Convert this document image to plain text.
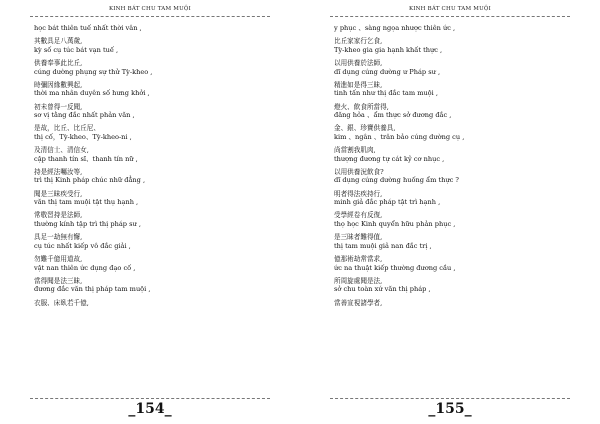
KINH BÁT CHU TAM MUỘI
học bát thiên tuế nhất thời vân ,
其數具足八萬歲,
kỳ số cụ túc bát vạn tuế ,
供養奉事此比丘,
cúng dường phụng sự thử Tỳ-kheo ,
時彌因緣數興起,
thời ma nhân duyên số hưng khởi ,
初未曾得一反聞,
sơ vị tằng đắc nhất phản văn ,
是故，比丘、比丘尼、
thị cố，Tỳ-kheo、Tỳ-kheo-ni ,
及清信士、清信女,
cập thanh tín sĩ、thanh tín nữ ,
持是經法囑汝等,
trì thị Kinh pháp chúc nhữ đẳng ,
聞是三昧疾受行,
văn thị tam muội tật thụ hạnh ,
常敬習持是法師,
thường kính tập trì thị pháp sư ,
具足一劫無有懈,
cụ túc nhất kiếp vô đắc giải ,
勿難千億用道故,
vật nan thiên ức dụng đạo cố ,
當得聞是法三昧,
đương đắc văn thị pháp tam muội ,
衣服、床臥若千億,
_154_
KINH BÁT CHU TAM MUỘI
y phục 、sàng ngọa nhược thiên ức ,
比丘家家行乞食,
Tỳ-kheo gia gia hạnh khất thực ,
以用供養於法師,
dĩ dụng cúng dường ư Pháp sư ,
精進如是得三昧,
tinh tấn như thị đắc tam muội ,
燈火、飲食所當得,
đăng hỏa 、ẩm thực sở đương đắc ,
金、銀、珍寶供養具,
kim 、ngân 、trân bảo cúng dường cụ ,
尚當割我肌肉,
thượng đương tự cát kỷ cơ nhục ,
以用供養況飲食?
dĩ dụng cúng dường huống ẩm thực ?
明者得法疾持行,
minh giả đắc pháp tật trì hạnh ,
受學經卷有反復,
thọ học Kinh quyển hữu phản phục ,
是三昧者難得值,
thị tam muội giả nan đắc trị ,
億那術劫常當求,
ức na thuật kiếp thường đương cầu ,
所周旋處聞是法,
sở chu toàn xứ văn thị pháp ,
當善宣視諸學者,
_155_
